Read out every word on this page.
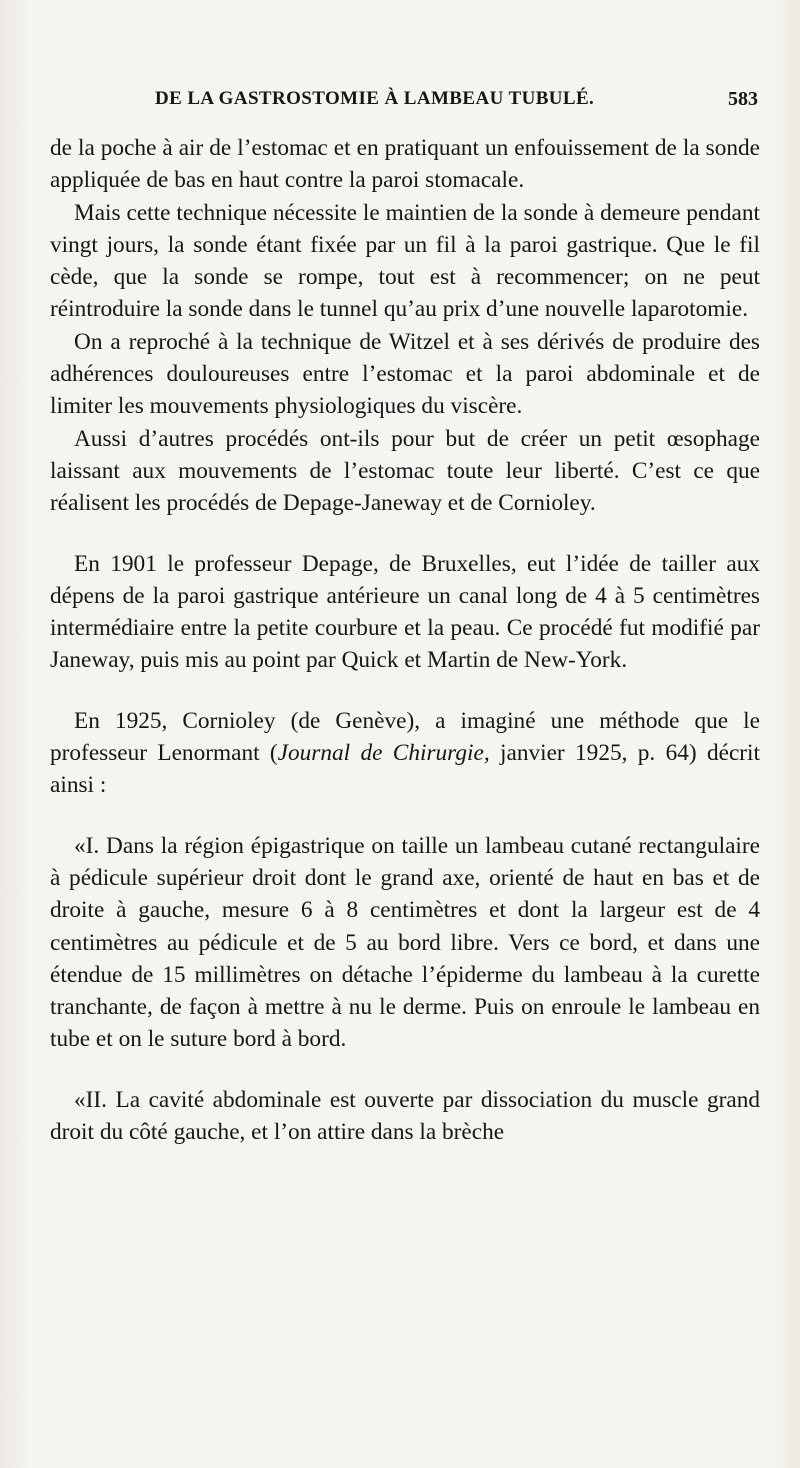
DE LA GASTROSTOMIE À LAMBEAU TUBULÉ.	583

de la poche à air de l’estomac et en pratiquant un enfouissement de la sonde appliquée de bas en haut contre la paroi stomacale.

Mais cette technique nécessite le maintien de la sonde à demeure pendant vingt jours, la sonde étant fixée par un fil à la paroi gastrique. Que le fil cède, que la sonde se rompe, tout est à recommencer; on ne peut réintroduire la sonde dans le tunnel qu’au prix d’une nouvelle laparotomie.

On a reproché à la technique de Witzel et à ses dérivés de produire des adhérences douloureuses entre l’estomac et la paroi abdominale et de limiter les mouvements physiologiques du viscère.

Aussi d’autres procédés ont-ils pour but de créer un petit œsophage laissant aux mouvements de l’estomac toute leur liberté. C’est ce que réalisent les procédés de Depage-Janeway et de Cornioley.

En 1901 le professeur Depage, de Bruxelles, eut l’idée de tailler aux dépens de la paroi gastrique antérieure un canal long de 4 à 5 centimètres intermédiaire entre la petite courbure et la peau. Ce procédé fut modifié par Janeway, puis mis au point par Quick et Martin de New-York.

En 1925, Cornioley (de Genève), a imaginé une méthode que le professeur Lenormant (Journal de Chirurgie, janvier 1925, p. 64) décrit ainsi :

«I. Dans la région épigastrique on taille un lambeau cutané rectangulaire à pédicule supérieur droit dont le grand axe, orienté de haut en bas et de droite à gauche, mesure 6 à 8 centimètres et dont la largeur est de 4 centimètres au pédicule et de 5 au bord libre. Vers ce bord, et dans une étendue de 15 millimètres on détache l’épiderme du lambeau à la curette tranchante, de façon à mettre à nu le derme. Puis on enroule le lambeau en tube et on le suture bord à bord.

«II. La cavité abdominale est ouverte par dissociation du muscle grand droit du côté gauche, et l’on attire dans la brèche
